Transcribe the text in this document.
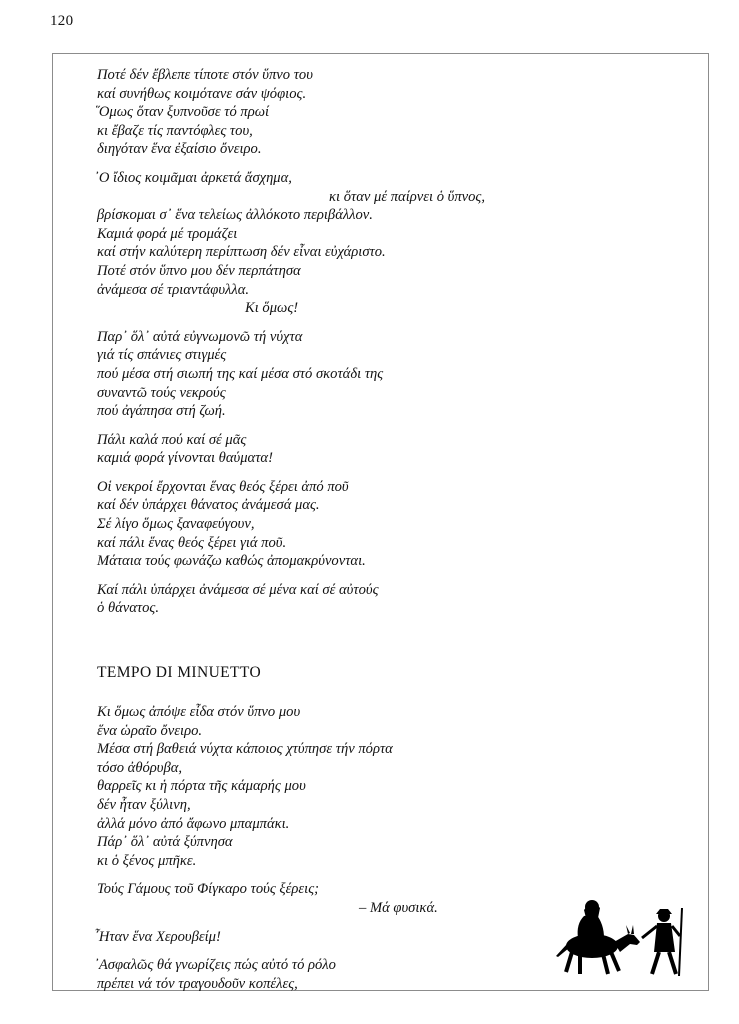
120
Ποτέ δέν ἔβλεπε τίποτε στόν ὕπνο του
καί συνήθως κοιμότανε σάν ψόφιος.
῞Ομως ὅταν ξυπνοῦσε τό πρωί
κι ἔβαζε τίς παντόφλες του,
διηγόταν ἕνα ἐξαίσιο ὄνειρο.
᾿Ο ἴδιος κοιμᾶμαι ἀρκετά ἄσχημα,
κι ὅταν μέ παίρνει ὁ ὕπνος,
βρίσκομαι σ᾿ ἕνα τελείως ἀλλόκοτο περιβάλλον.
Καμιά φορά μέ τρομάζει
καί στήν καλύτερη περίπτωση δέν εἶναι εὐχάριστο.
Ποτέ στόν ὕπνο μου δέν περπάτησα
ἀνάμεσα σέ τριαντάφυλλα.
Κι ὅμως!
Παρ᾿ ὅλ᾿ αὐτά εὐγνωμονῶ τή νύχτα
γιά τίς σπάνιες στιγμές
πού μέσα στή σιωπή της καί μέσα στό σκοτάδι της
συναντῶ τούς νεκρούς
πού ἀγάπησα στή ζωή.
Πάλι καλά πού καί σέ μᾶς
καμιά φορά γίνονται θαύματα!
Οἱ νεκροί ἔρχονται ἕνας θεός ξέρει ἀπό ποῦ
καί δέν ὑπάρχει θάνατος ἀνάμεσά μας.
Σέ λίγο ὅμως ξαναφεύγουν,
καί πάλι ἕνας θεός ξέρει γιά ποῦ.
Μάταια τούς φωνάζω καθώς ἀπομακρύνονται.
Καί πάλι ὑπάρχει ἀνάμεσα σέ μένα καί σέ αὐτούς
ὁ θάνατος.
TEMPO DI MINUETTO
Κι ὅμως ἀπόψε εἶδα στόν ὕπνο μου
ἕνα ὡραῖο ὄνειρο.
Μέσα στή βαθειά νύχτα κάποιος χτύπησε τήν πόρτα
τόσο ἀθόρυβα,
θαρρεῖς κι ἡ πόρτα τῆς κάμαρής μου
δέν ἦταν ξύλινη,
ἀλλά μόνο ἀπό ἄφωνο μπαμπάκι.
Πάρ᾿ ὅλ᾿ αὐτά ξύπνησα
κι ὁ ξένος μπῆκε.
Τούς Γάμους τοῦ Φίγκαρο τούς ξέρεις;
– Μά φυσικά.
῏Ηταν ἕνα Χερουβείμ!
᾿Ασφαλῶς θά γνωρίζεις πώς αὐτό τό ρόλο
πρέπει νά τόν τραγουδοῦν κοπέλες,
